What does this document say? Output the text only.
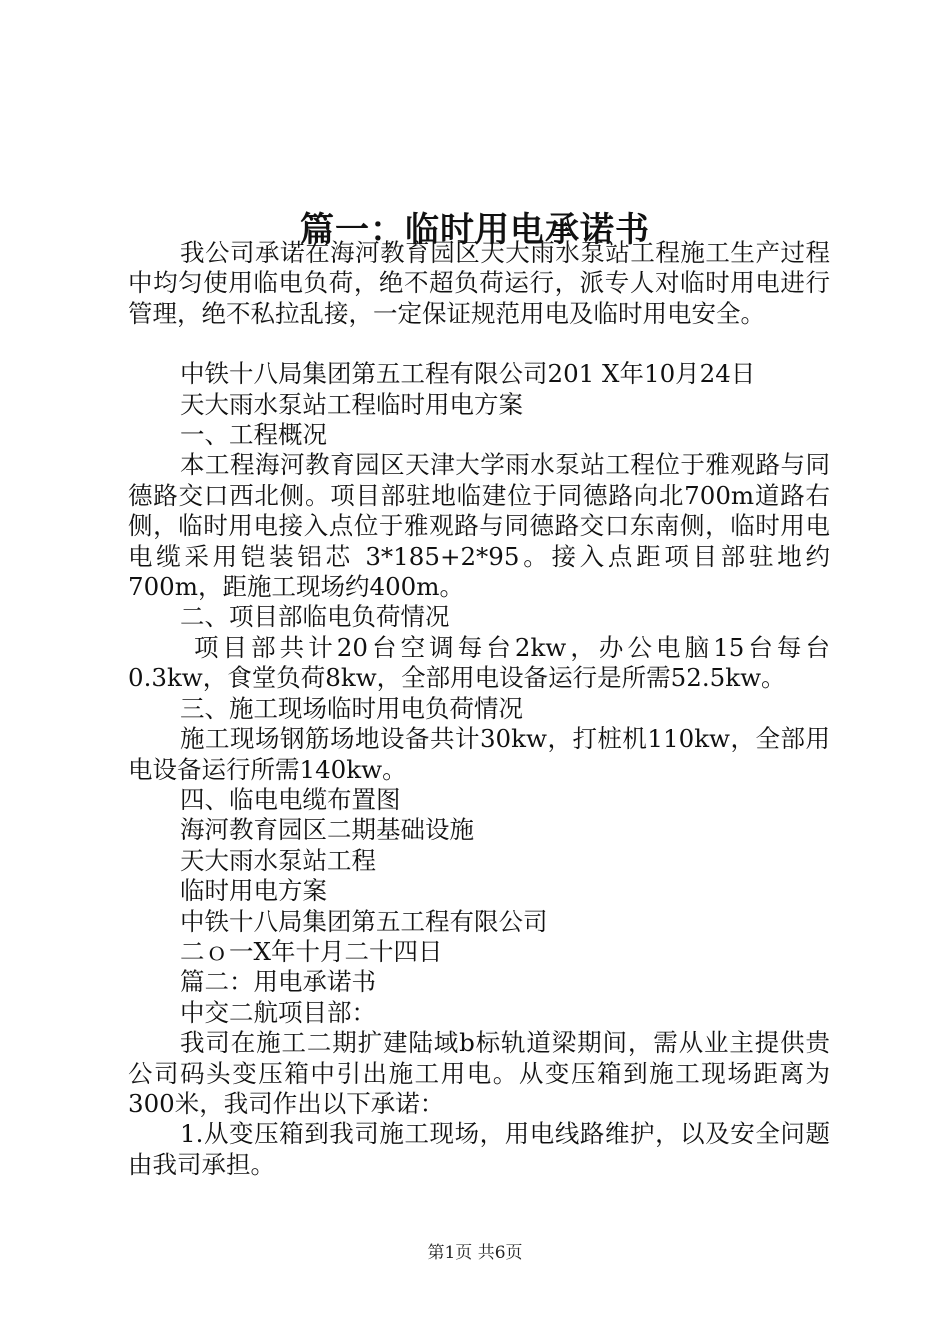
篇一：临时用电承诺书

我公司承诺在海河教育园区天大雨水泵站工程施工生产过程中均匀使用临电负荷，绝不超负荷运行，派专人对临时用电进行管理，绝不私拉乱接，一定保证规范用电及临时用电安全。

中铁十八局集团第五工程有限公司201 X年10月24日

天大雨水泵站工程临时用电方案

一、工程概况

本工程海河教育园区天津大学雨水泵站工程位于雅观路与同德路交口西北侧。项目部驻地临建位于同德路向北700m道路右侧，临时用电接入点位于雅观路与同德路交口东南侧，临时用电电缆采用铠装铝芯 3*185+2*95。接入点距项目部驻地约700m，距施工现场约400m。

二、项目部临电负荷情况

项目部共计20台空调每台2kw，办公电脑15台每台0.3kw，食堂负荷8kw，全部用电设备运行是所需52.5kw。

三、施工现场临时用电负荷情况

施工现场钢筋场地设备共计30kw，打桩机110kw，全部用电设备运行所需140kw。

四、临电电缆布置图

海河教育园区二期基础设施

天大雨水泵站工程

临时用电方案

中铁十八局集团第五工程有限公司

二ｏ一X年十月二十四日

篇二：用电承诺书

中交二航项目部：

我司在施工二期扩建陆域b标轨道梁期间，需从业主提供贵公司码头变压箱中引出施工用电。从变压箱到施工现场距离为300米，我司作出以下承诺：

1.从变压箱到我司施工现场，用电线路维护，以及安全问题由我司承担。

第1页 共6页
